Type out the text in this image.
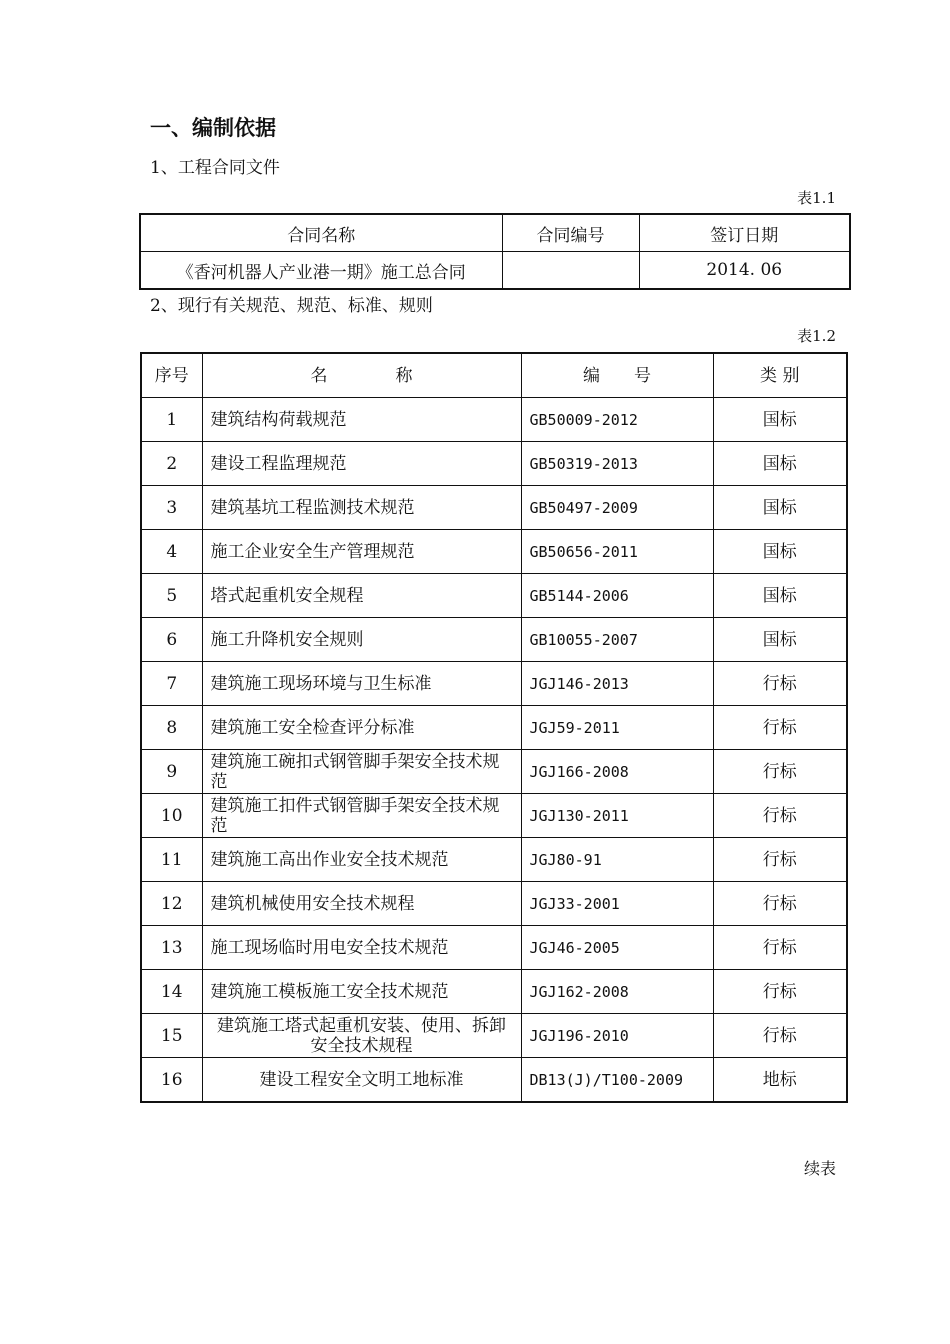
一、编制依据
1、工程合同文件
表1.1
合同名称	合同编号	签订日期
《香河机器人产业港一期》施工总合同		2014. 06
2、现行有关规范、规范、标准、规则
表1.2
序号	名　　　　称	编　　号	类 别
1	建筑结构荷载规范	GB50009-2012	国标
2	建设工程监理规范	GB50319-2013	国标
3	建筑基坑工程监测技术规范	GB50497-2009	国标
4	施工企业安全生产管理规范	GB50656-2011	国标
5	塔式起重机安全规程	GB5144-2006	国标
6	施工升降机安全规则	GB10055-2007	国标
7	建筑施工现场环境与卫生标准	JGJ146-2013	行标
8	建筑施工安全检查评分标准	JGJ59-2011	行标
9	建筑施工碗扣式钢管脚手架安全技术规范	JGJ166-2008	行标
10	建筑施工扣件式钢管脚手架安全技术规范	JGJ130-2011	行标
11	建筑施工高出作业安全技术规范	JGJ80-91	行标
12	建筑机械使用安全技术规程	JGJ33-2001	行标
13	施工现场临时用电安全技术规范	JGJ46-2005	行标
14	建筑施工模板施工安全技术规范	JGJ162-2008	行标
15	建筑施工塔式起重机安装、使用、拆卸安全技术规程	JGJ196-2010	行标
16	建设工程安全文明工地标准	DB13(J)/T100-2009	地标
续表
